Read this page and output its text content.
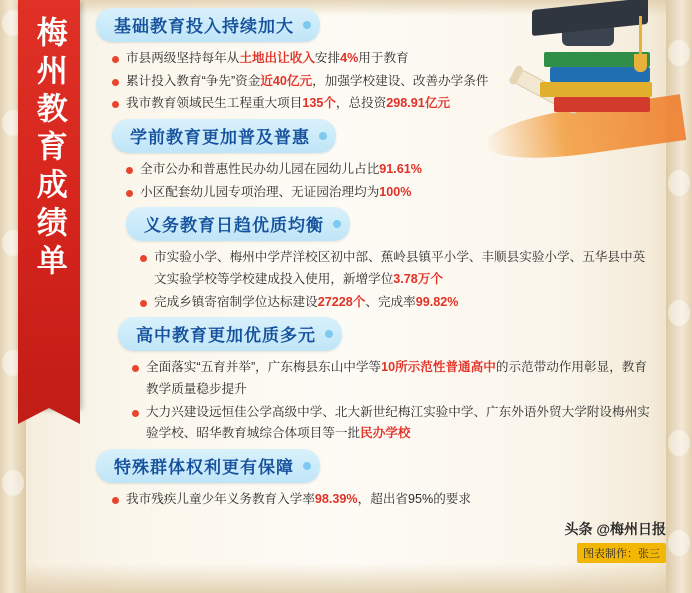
梅州教育成绩单	基础教育投入持续加大
市县两级坚持每年从土地出让收入安排4%用于教育
累计投入教育“争先”资金近40亿元，加强学校建设、改善办学条件
我市教育领域民生工程重大项目135个，总投资298.91亿元
学前教育更加普及普惠
全市公办和普惠性民办幼儿园在园幼儿占比91.61%
小区配套幼儿园专项治理、无证园治理均为100%
义务教育日趋优质均衡
市实验小学、梅州中学芹洋校区初中部、蕉岭县镇平小学、丰顺县实验小学、五华县中英文实验学校等学校建成投入使用，新增学位3.78万个
完成乡镇寄宿制学位达标建设27228个、完成率99.82%
高中教育更加优质多元
全面落实“五育并举”，广东梅县东山中学等10所示范性普通高中的示范带动作用彰显，教育教学质量稳步提升
大力兴建设远恒佳公学高级中学、北大新世纪梅江实验中学、广东外语外贸大学附设梅州实验学校、昭华教育城综合体项目等一批民办学校
特殊群体权利更有保障
我市残疾儿童少年义务教育入学率98.39%，超出省95%的要求
头条 @梅州日报
图表制作：张三
